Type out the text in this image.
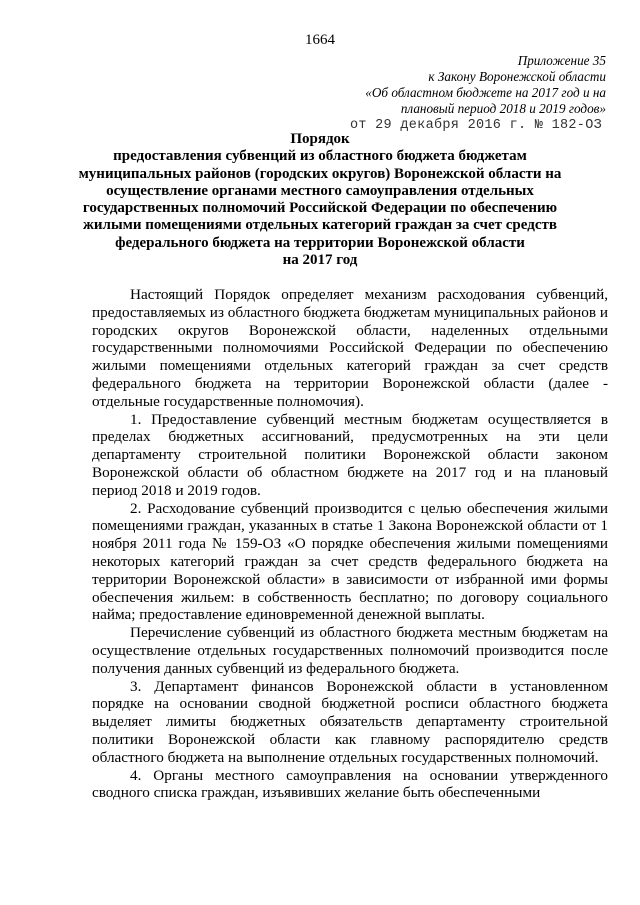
1664
Приложение 35
к Закону Воронежской области
«Об областном бюджете на 2017 год и на
плановый период 2018 и 2019 годов»
от 29 декабря 2016 г. № 182-ОЗ
Порядок
предоставления субвенций из областного бюджета бюджетам
муниципальных районов (городских округов) Воронежской области на
осуществление органами местного самоуправления отдельных
государственных полномочий Российской Федерации по обеспечению
жилыми помещениями отдельных категорий граждан за счет средств
федерального бюджета на территории Воронежской области
на 2017 год

Настоящий Порядок определяет механизм расходования субвенций, предоставляемых из областного бюджета бюджетам муниципальных районов и городских округов Воронежской области, наделенных отдельными государственными полномочиями Российской Федерации по обеспечению жилыми помещениями отдельных категорий граждан за счет средств федерального бюджета на территории Воронежской области (далее - отдельные государственные полномочия).

1. Предоставление субвенций местным бюджетам осуществляется в пределах бюджетных ассигнований, предусмотренных на эти цели департаменту строительной политики Воронежской области законом Воронежской области об областном бюджете на 2017 год и на плановый период 2018 и 2019 годов.

2. Расходование субвенций производится с целью обеспечения жилыми помещениями граждан, указанных в статье 1 Закона Воронежской области от 1 ноября 2011 года № 159-ОЗ «О порядке обеспечения жилыми помещениями некоторых категорий граждан за счет средств федерального бюджета на территории Воронежской области» в зависимости от избранной ими формы обеспечения жильем: в собственность бесплатно; по договору социального найма; предоставление единовременной денежной выплаты.

Перечисление субвенций из областного бюджета местным бюджетам на осуществление отдельных государственных полномочий производится после получения данных субвенций из федерального бюджета.

3. Департамент финансов Воронежской области в установленном порядке на основании сводной бюджетной росписи областного бюджета выделяет лимиты бюджетных обязательств департаменту строительной политики Воронежской области как главному распорядителю средств областного бюджета на выполнение отдельных государственных полномочий.

4. Органы местного самоуправления на основании утвержденного сводного списка граждан, изъявивших желание быть обеспеченными
